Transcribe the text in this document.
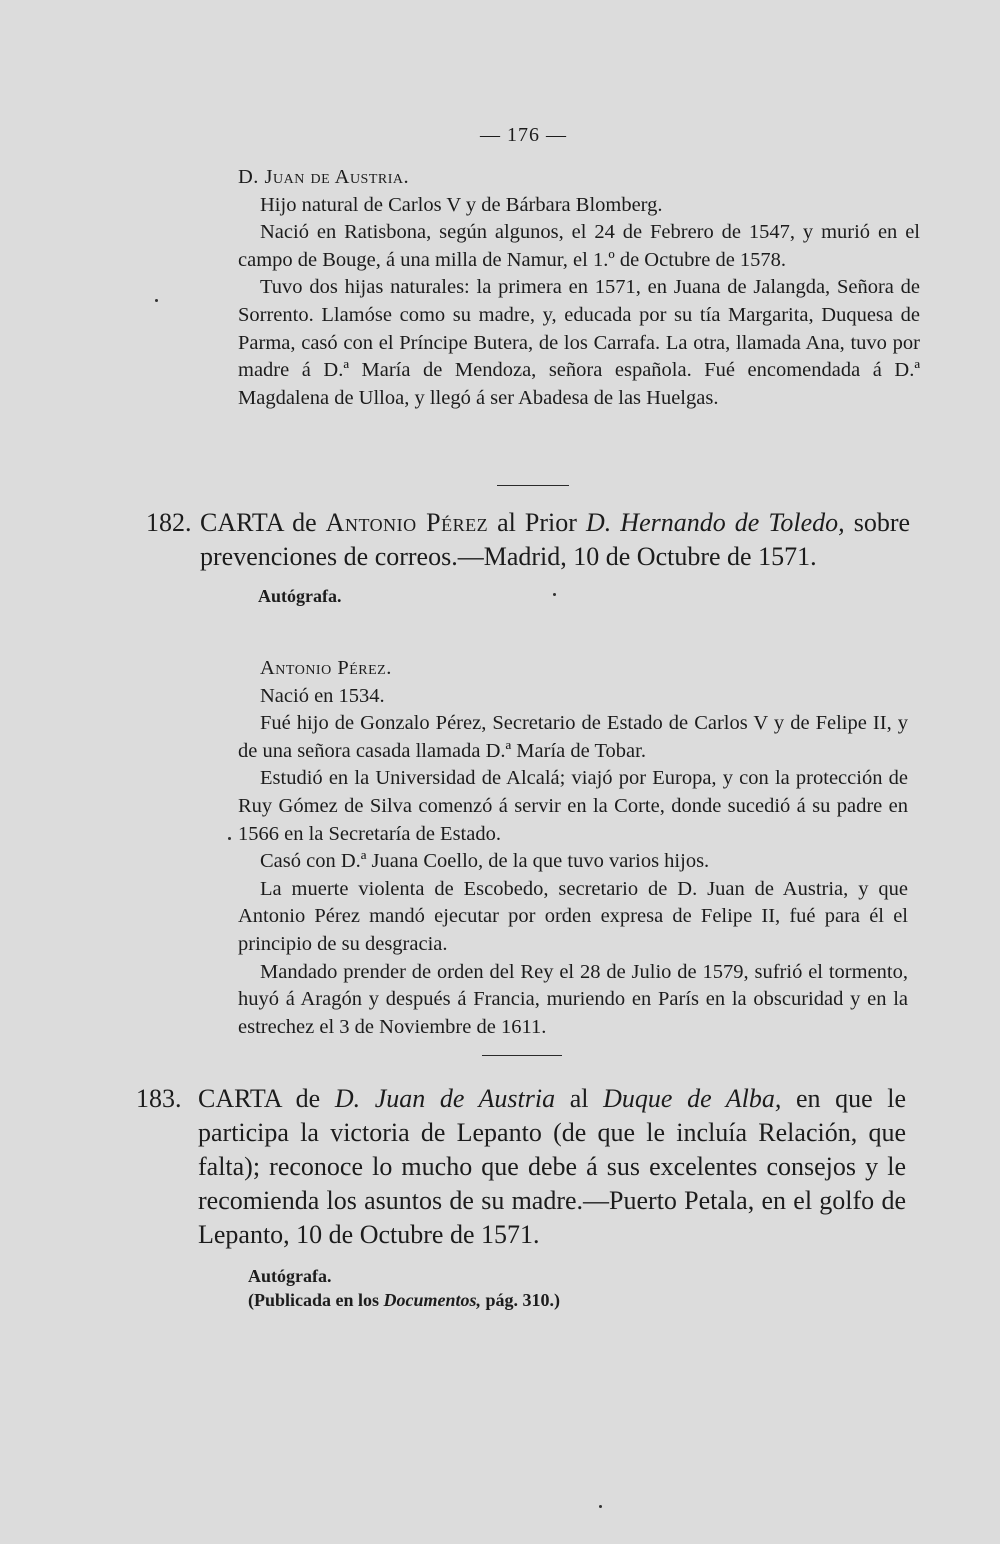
— 176 —

D. Juan de Austria.

Hijo natural de Carlos V y de Bárbara Blomberg.

Nació en Ratisbona, según algunos, el 24 de Febrero de 1547, y murió en el campo de Bouge, á una milla de Namur, el 1.º de Octubre de 1578.

Tuvo dos hijas naturales: la primera en 1571, en Juana de Jalangda, Señora de Sorrento. Llamóse como su madre, y, educada por su tía Margarita, Duquesa de Parma, casó con el Príncipe Butera, de los Carrafa. La otra, llamada Ana, tuvo por madre á D.ª María de Mendoza, señora española. Fué encomendada á D.ª Magdalena de Ulloa, y llegó á ser Abadesa de las Huelgas.

182. CARTA de Antonio Pérez al Prior D. Hernando de Toledo, sobre prevenciones de correos.—Madrid, 10 de Octubre de 1571.

Autógrafa.

Antonio Pérez.

Nació en 1534.

Fué hijo de Gonzalo Pérez, Secretario de Estado de Carlos V y de Felipe II, y de una señora casada llamada D.ª María de Tobar.

Estudió en la Universidad de Alcalá; viajó por Europa, y con la protección de Ruy Gómez de Silva comenzó á servir en la Corte, donde sucedió á su padre en 1566 en la Secretaría de Estado.

Casó con D.ª Juana Coello, de la que tuvo varios hijos.

La muerte violenta de Escobedo, secretario de D. Juan de Austria, y que Antonio Pérez mandó ejecutar por orden expresa de Felipe II, fué para él el principio de su desgracia.

Mandado prender de orden del Rey el 28 de Julio de 1579, sufrió el tormento, huyó á Aragón y después á Francia, muriendo en París en la obscuridad y en la estrechez el 3 de Noviembre de 1611.

183. CARTA de D. Juan de Austria al Duque de Alba, en que le participa la victoria de Lepanto (de que le incluía Relación, que falta); reconoce lo mucho que debe á sus excelentes consejos y le recomienda los asuntos de su madre.—Puerto Petala, en el golfo de Lepanto, 10 de Octubre de 1571.

Autógrafa.

(Publicada en los Documentos, pág. 310.)
